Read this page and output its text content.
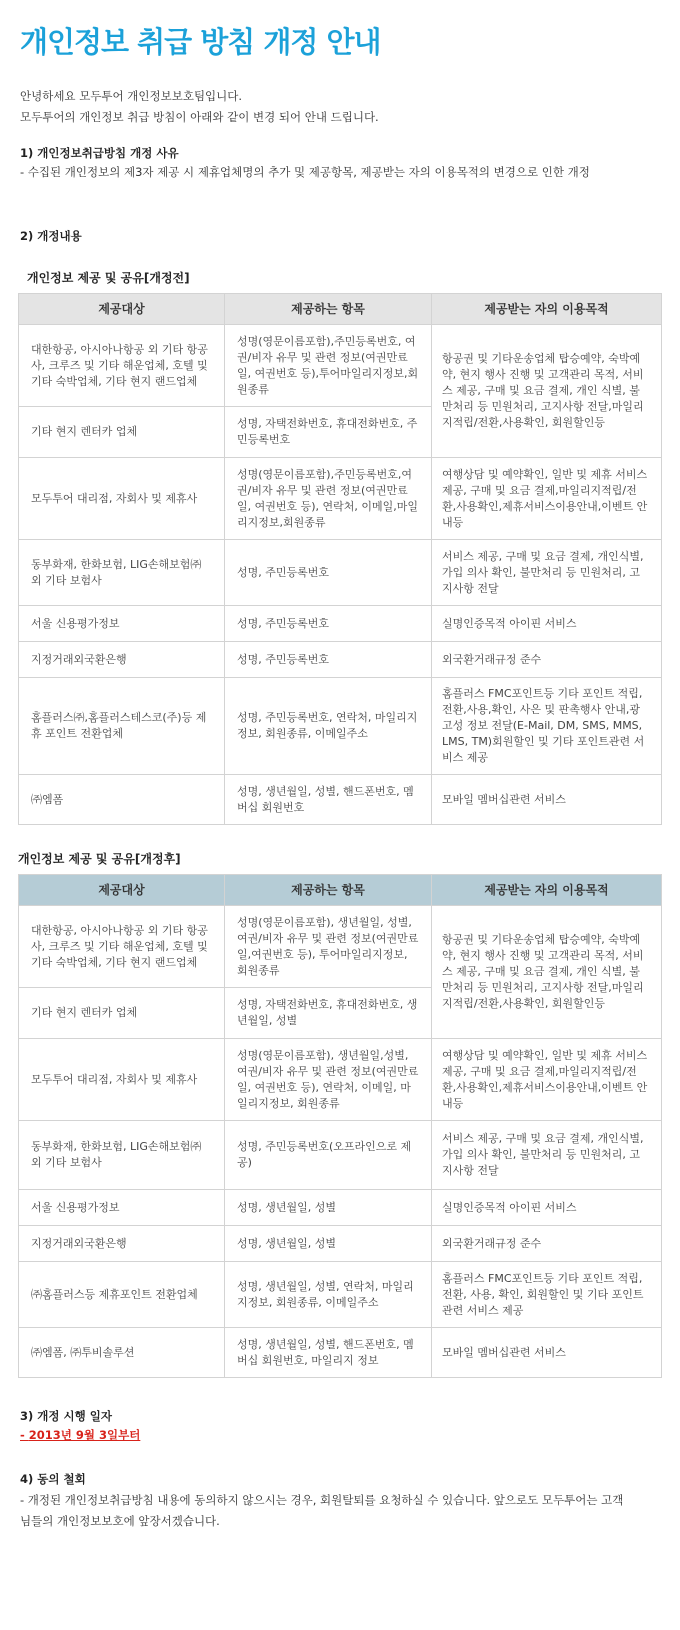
개인정보 취급 방침 개정 안내
안녕하세요 모두투어 개인정보보호팀입니다.
모두투어의 개인정보 취급 방침이 아래와 같이 변경 되어 안내 드립니다.
1) 개인정보취급방침 개정 사유
- 수집된 개인정보의 제3자 제공 시 제휴업체명의 추가 및 제공항목, 제공받는 자의 이용목적의 변경으로 인한 개정
2) 개정내용
개인정보 제공 및 공유[개정전]
제공대상	제공하는 항목	제공받는 자의 이용목적
대한항공, 아시아나항공 외 기타 항공사, 크루즈 및 기타 해운업체, 호텔 및 기타 숙박업체, 기타 현지 랜드업체	성명(영문이름포함),주민등록번호, 여권/비자 유무 및 관련 정보(여권만료일, 여권번호 등),투어마일리지정보,회원종류	항공권 및 기타운송업체 탑승예약, 숙박예약, 현지 행사 진행 및 고객관리 목적, 서비스 제공, 구매 및 요금 결제, 개인 식별, 불만처리 등 민원처리, 고지사항 전달,마일리지적립/전환,사용확인, 회원할인등
기타 현지 렌터카 업체	성명, 자택전화번호, 휴대전화번호, 주민등록번호	
모두투어 대리점, 자회사 및 제휴사	성명(영문이름포함),주민등록번호,여권/비자 유무 및 관련 정보(여권만료일, 여권번호 등), 연락처, 이메일,마일리지정보,회원종류	여행상담 및 예약확인, 일반 및 제휴 서비스 제공, 구매 및 요금 결제,마일리지적립/전환,사용확인,제휴서비스이용안내,이벤트 안내등
동부화재, 한화보험, LIG손해보험㈜ 외 기타 보험사	성명, 주민등록번호	서비스 제공, 구매 및 요금 결제, 개인식별, 가입 의사 확인, 불만처리 등 민원처리, 고지사항 전달
서울 신용평가정보	성명, 주민등록번호	실명인증목적 아이핀 서비스
지정거래외국환은행	성명, 주민등록번호	외국환거래규정 준수
홈플러스㈜,홈플러스테스코(주)등 제휴 포인트 전환업체	성명, 주민등록번호, 연락처, 마일리지정보, 회원종류, 이메일주소	홈플러스 FMC포인트등 기타 포인트 적립,전환,사용,확인, 사은 및 판촉행사 안내,광고성 정보 전달(E-Mail, DM, SMS, MMS, LMS, TM)회원할인 및 기타 포인트관련 서비스 제공
㈜엠폼	성명, 생년월일, 성별, 핸드폰번호, 멤버십 회원번호	모바일 멤버십관련 서비스
개인정보 제공 및 공유[개정후]
제공대상	제공하는 항목	제공받는 자의 이용목적
대한항공, 아시아나항공 외 기타 항공사, 크루즈 및 기타 해운업체, 호텔 및 기타 숙박업체, 기타 현지 랜드업체	성명(영문이름포함), 생년월일, 성별, 여권/비자 유무 및 관련 정보(여권만료일,여권번호 등), 투어마일리지정보, 회원종류	항공권 및 기타운송업체 탑승예약, 숙박예약, 현지 행사 진행 및 고객관리 목적, 서비스 제공, 구매 및 요금 결제, 개인 식별, 불만처리 등 민원처리, 고지사항 전달,마일리지적립/전환,사용확인, 회원할인등
기타 현지 렌터카 업체	성명, 자택전화번호, 휴대전화번호, 생년월일, 성별	
모두투어 대리점, 자회사 및 제휴사	성명(영문이름포함), 생년월일,성별, 여권/비자 유무 및 관련 정보(여권만료일, 여권번호 등), 연락처, 이메일, 마일리지정보, 회원종류	여행상담 및 예약확인, 일반 및 제휴 서비스 제공, 구매 및 요금 결제,마일리지적립/전환,사용확인,제휴서비스이용안내,이벤트 안내등
동부화재, 한화보험, LIG손해보험㈜ 외 기타 보험사	성명, 주민등록번호(오프라인으로 제공)	서비스 제공, 구매 및 요금 결제, 개인식별, 가입 의사 확인, 불만처리 등 민원처리, 고지사항 전달
서울 신용평가정보	성명, 생년월일, 성별	실명인증목적 아이핀 서비스
지정거래외국환은행	성명, 생년월일, 성별	외국환거래규정 준수
㈜홈플러스등 제휴포인트 전환업체	성명, 생년월일, 성별, 연락처, 마일리지정보, 회원종류, 이메일주소	홈플러스 FMC포인트등 기타 포인트 적립, 전환, 사용, 확인, 회원할인 및 기타 포인트관련 서비스 제공
㈜엠폼, ㈜투비솔루션	성명, 생년월일, 성별, 핸드폰번호, 멤버십 회원번호, 마일리지 정보	모바일 멤버십관련 서비스
3) 개정 시행 일자
- 2013년 9월 3일부터
4) 동의 철회
- 개정된 개인정보취급방침 내용에 동의하지 않으시는 경우, 회원탈퇴를 요청하실 수 있습니다. 앞으로도 모두투어는 고객님들의 개인정보보호에 앞장서겠습니다.
